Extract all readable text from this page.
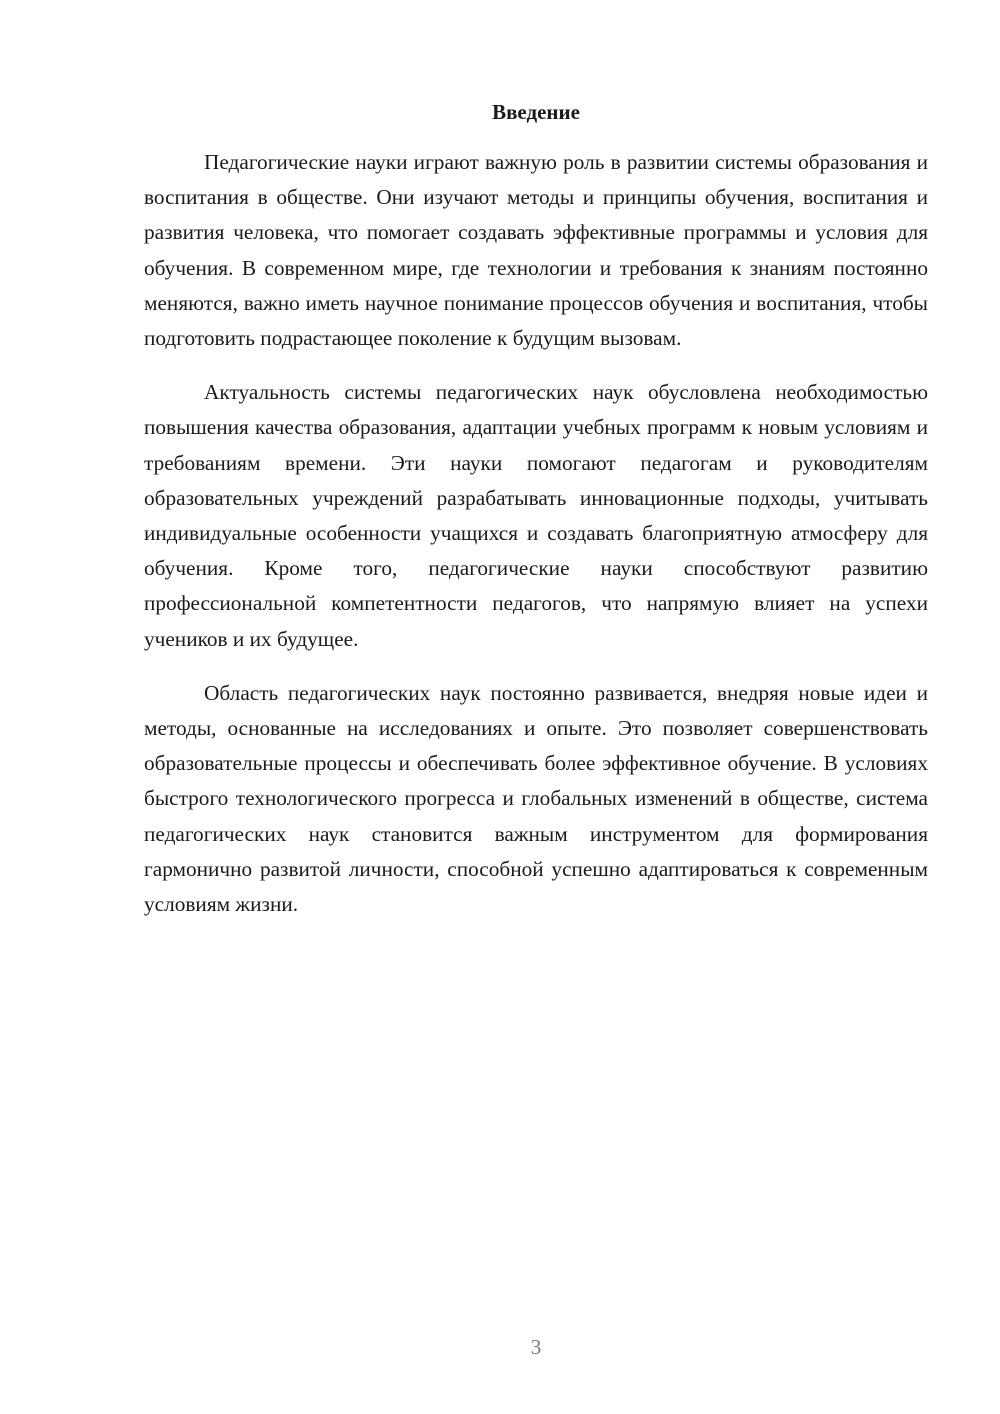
Введение

Педагогические науки играют важную роль в развитии системы образования и воспитания в обществе. Они изучают методы и принципы обучения, воспитания и развития человека, что помогает создавать эффективные программы и условия для обучения. В современном мире, где технологии и требования к знаниям постоянно меняются, важно иметь научное понимание процессов обучения и воспитания, чтобы подготовить подрастающее поколение к будущим вызовам.

Актуальность системы педагогических наук обусловлена необходимостью повышения качества образования, адаптации учебных программ к новым условиям и требованиям времени. Эти науки помогают педагогам и руководителям образовательных учреждений разрабатывать инновационные подходы, учитывать индивидуальные особенности учащихся и создавать благоприятную атмосферу для обучения. Кроме того, педагогические науки способствуют развитию профессиональной компетентности педагогов, что напрямую влияет на успехи учеников и их будущее.

Область педагогических наук постоянно развивается, внедряя новые идеи и методы, основанные на исследованиях и опыте. Это позволяет совершенствовать образовательные процессы и обеспечивать более эффективное обучение. В условиях быстрого технологического прогресса и глобальных изменений в обществе, система педагогических наук становится важным инструментом для формирования гармонично развитой личности, способной успешно адаптироваться к современным условиям жизни.

3
